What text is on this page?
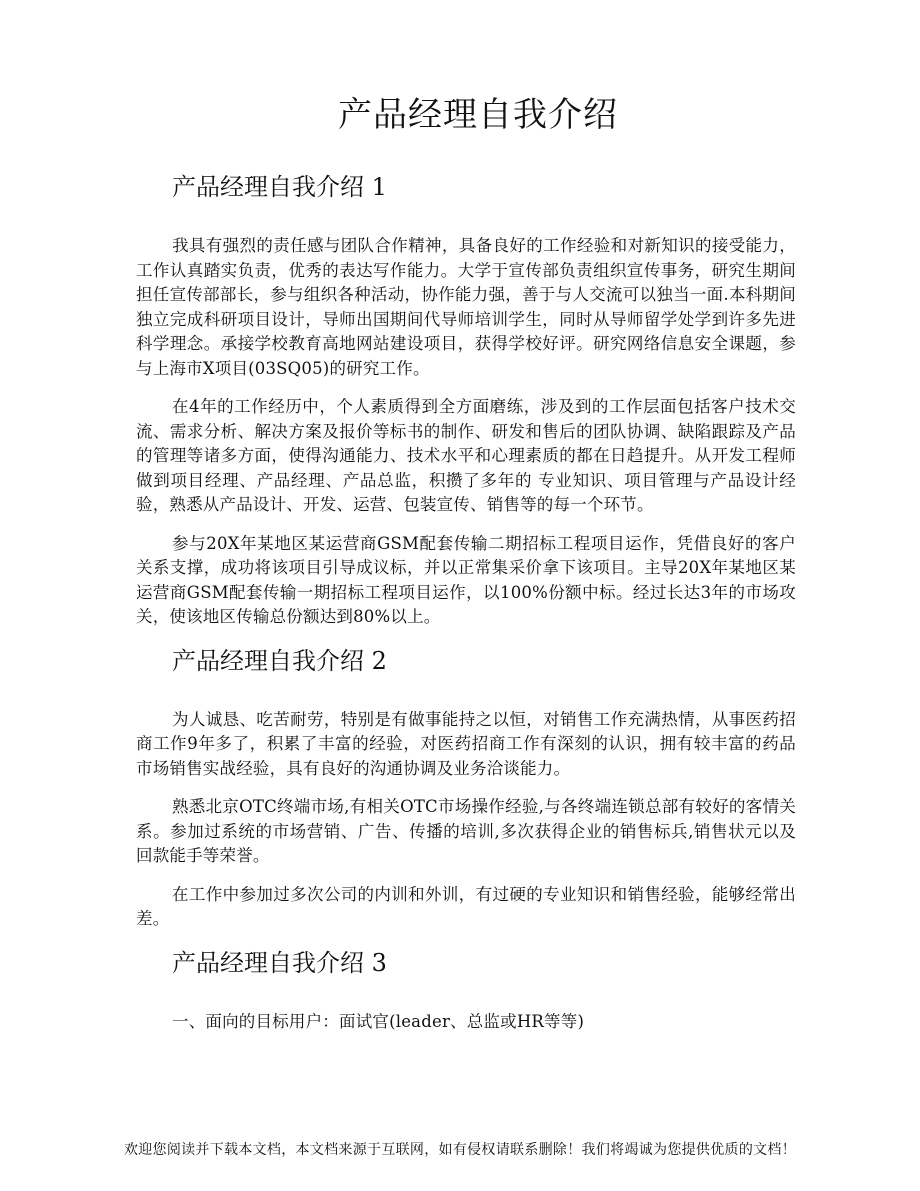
产品经理自我介绍
产品经理自我介绍 1

我具有强烈的责任感与团队合作精神，具备良好的工作经验和对新知识的接受能力，工作认真踏实负责，优秀的表达写作能力。大学于宣传部负责组织宣传事务，研究生期间担任宣传部部长，参与组织各种活动，协作能力强，善于与人交流可以独当一面.本科期间独立完成科研项目设计，导师出国期间代导师培训学生，同时从导师留学处学到许多先进科学理念。承接学校教育高地网站建设项目，获得学校好评。研究网络信息安全课题，参与上海市X项目(03SQ05)的研究工作。

在4年的工作经历中，个人素质得到全方面磨练，涉及到的工作层面包括客户技术交流、需求分析、解决方案及报价等标书的制作、研发和售后的团队协调、缺陷跟踪及产品的管理等诸多方面，使得沟通能力、技术水平和心理素质的都在日趋提升。从开发工程师做到项目经理、产品经理、产品总监，积攒了多年的 专业知识、项目管理与产品设计经验，熟悉从产品设计、开发、运营、包装宣传、销售等的每一个环节。

参与20X年某地区某运营商GSM配套传输二期招标工程项目运作，凭借良好的客户关系支撑，成功将该项目引导成议标，并以正常集采价拿下该项目。主导20X年某地区某运营商GSM配套传输一期招标工程项目运作，以100%份额中标。经过长达3年的市场攻关，使该地区传输总份额达到80%以上。

产品经理自我介绍 2

为人诚恳、吃苦耐劳，特别是有做事能持之以恒，对销售工作充满热情，从事医药招商工作9年多了，积累了丰富的经验，对医药招商工作有深刻的认识，拥有较丰富的药品市场销售实战经验，具有良好的沟通协调及业务洽谈能力。

熟悉北京OTC终端市场,有相关OTC市场操作经验,与各终端连锁总部有较好的客情关系。参加过系统的市场营销、广告、传播的培训,多次获得企业的销售标兵,销售状元以及回款能手等荣誉。

在工作中参加过多次公司的内训和外训，有过硬的专业知识和销售经验，能够经常出差。

产品经理自我介绍 3

一、面向的目标用户：面试官(leader、总监或HR等等)

欢迎您阅读并下载本文档，本文档来源于互联网，如有侵权请联系删除！我们将竭诚为您提供优质的文档！
